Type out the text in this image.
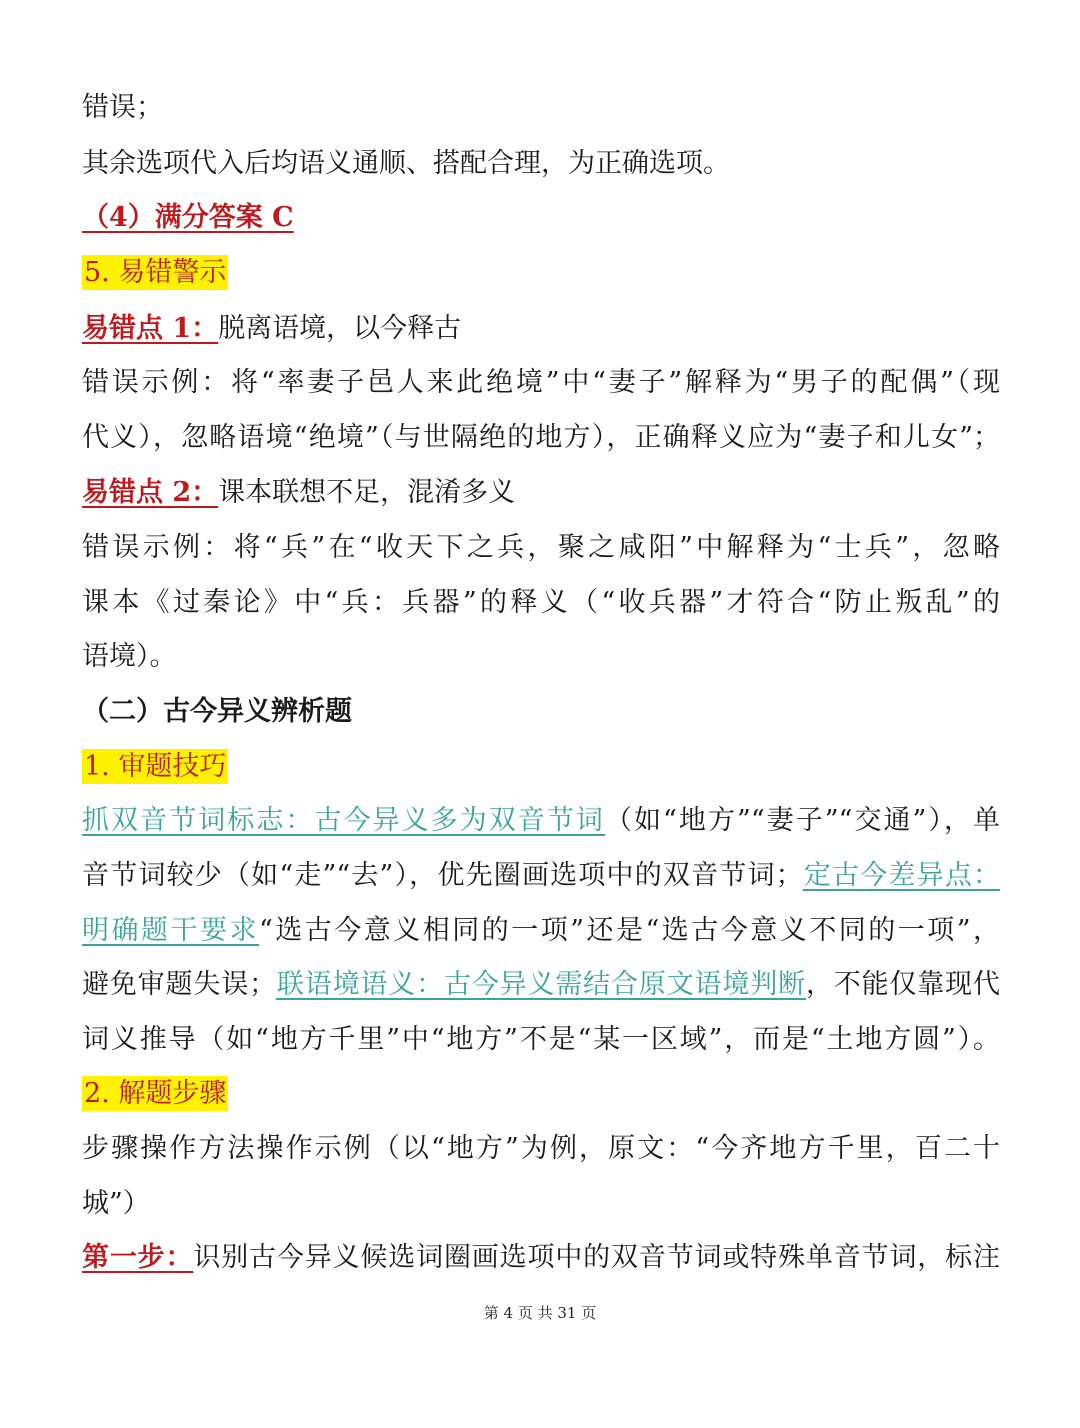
错误；
其余选项代入后均语义通顺、搭配合理，为正确选项。
（4）满分答案 C
5. 易错警示
易错点 1：脱离语境，以今释古
错误示例：将“率妻子邑人来此绝境”中“妻子”解释为“男子的配偶”（现
代义），忽略语境“绝境”（与世隔绝的地方），正确释义应为“妻子和儿女”；
易错点 2：课本联想不足，混淆多义
错误示例：将“兵”在“收天下之兵，聚之咸阳”中解释为“士兵”，忽略
课本《过秦论》中“兵：兵器”的释义（“收兵器”才符合“防止叛乱”的
语境）。
（二）古今异义辨析题
1. 审题技巧
抓双音节词标志：古今异义多为双音节词（如“地方”“妻子”“交通”），单
音节词较少（如“走”“去”），优先圈画选项中的双音节词；定古今差异点：
明确题干要求“选古今意义相同的一项”还是“选古今意义不同的一项”，
避免审题失误；联语境语义：古今异义需结合原文语境判断，不能仅靠现代
词义推导（如“地方千里”中“地方”不是“某一区域”，而是“土地方圆”）。
2. 解题步骤
步骤操作方法操作示例（以“地方”为例，原文：“今齐地方千里，百二十
城”）
第一步：识别古今异义候选词圈画选项中的双音节词或特殊单音节词，标注
第 4 页 共 31 页
